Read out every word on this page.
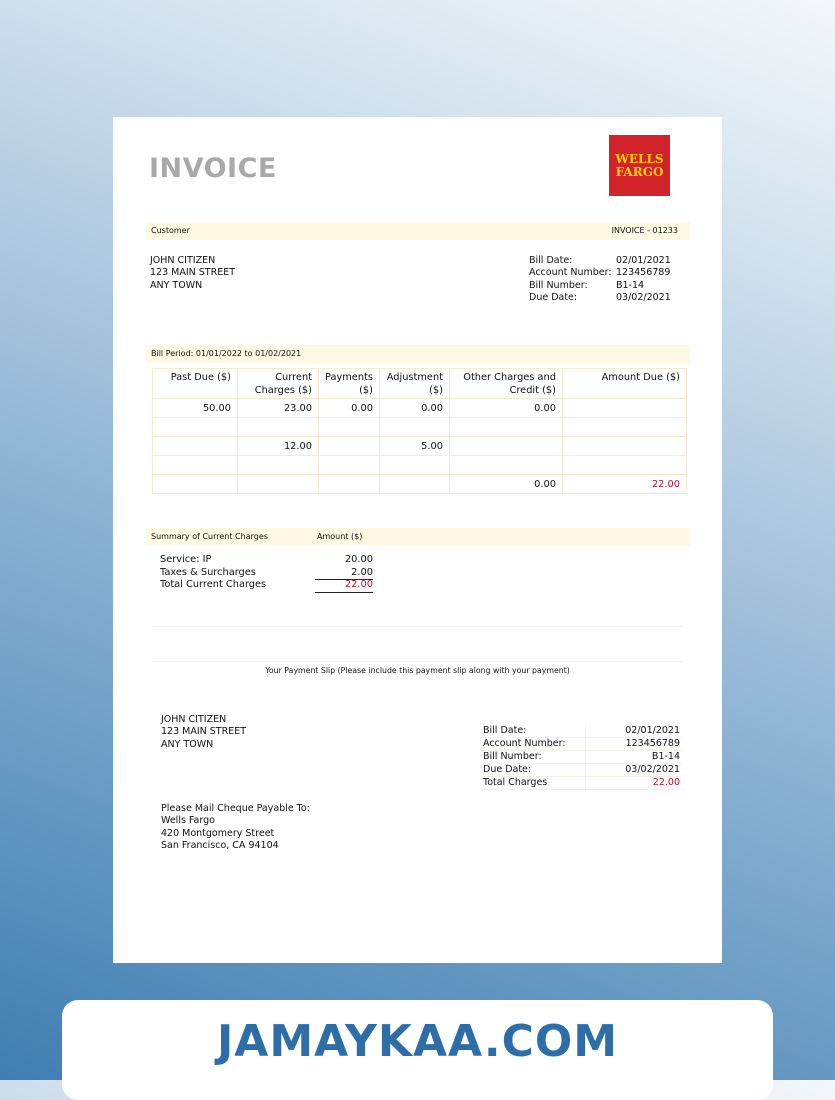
INVOICE	WELLS
FARGO
Customer	INVOICE - 01233
JOHN CITIZEN
123 MAIN STREET
ANY TOWN
Bill Date:	02/01/2021
Account Number: 123456789
Bill Number:	B1-14
Due Date:	03/02/2021
Bill Period: 01/01/2022 to 01/02/2021
Past Due ($)	Current Charges ($)	Payments ($)	Adjustment ($)	Other Charges and Credit ($)	Amount Due ($)
50.00	23.00	0.00	0.00	0.00	

	12.00		5.00		

				0.00	22.00
Summary of Current Charges	Amount ($)
Service: IP	20.00
Taxes & Surcharges	2.00
Total Current Charges	22.00
Your Payment Slip (Please include this payment slip along with your payment)
JOHN CITIZEN
123 MAIN STREET
ANY TOWN
Bill Date:	02/01/2021
Account Number:	123456789
Bill Number:	B1-14
Due Date:	03/02/2021
Total Charges	22.00
Please Mail Cheque Payable To:
Wells Fargo
420 Montgomery Street
San Francisco, CA 94104
JAMAYKAA.COM
